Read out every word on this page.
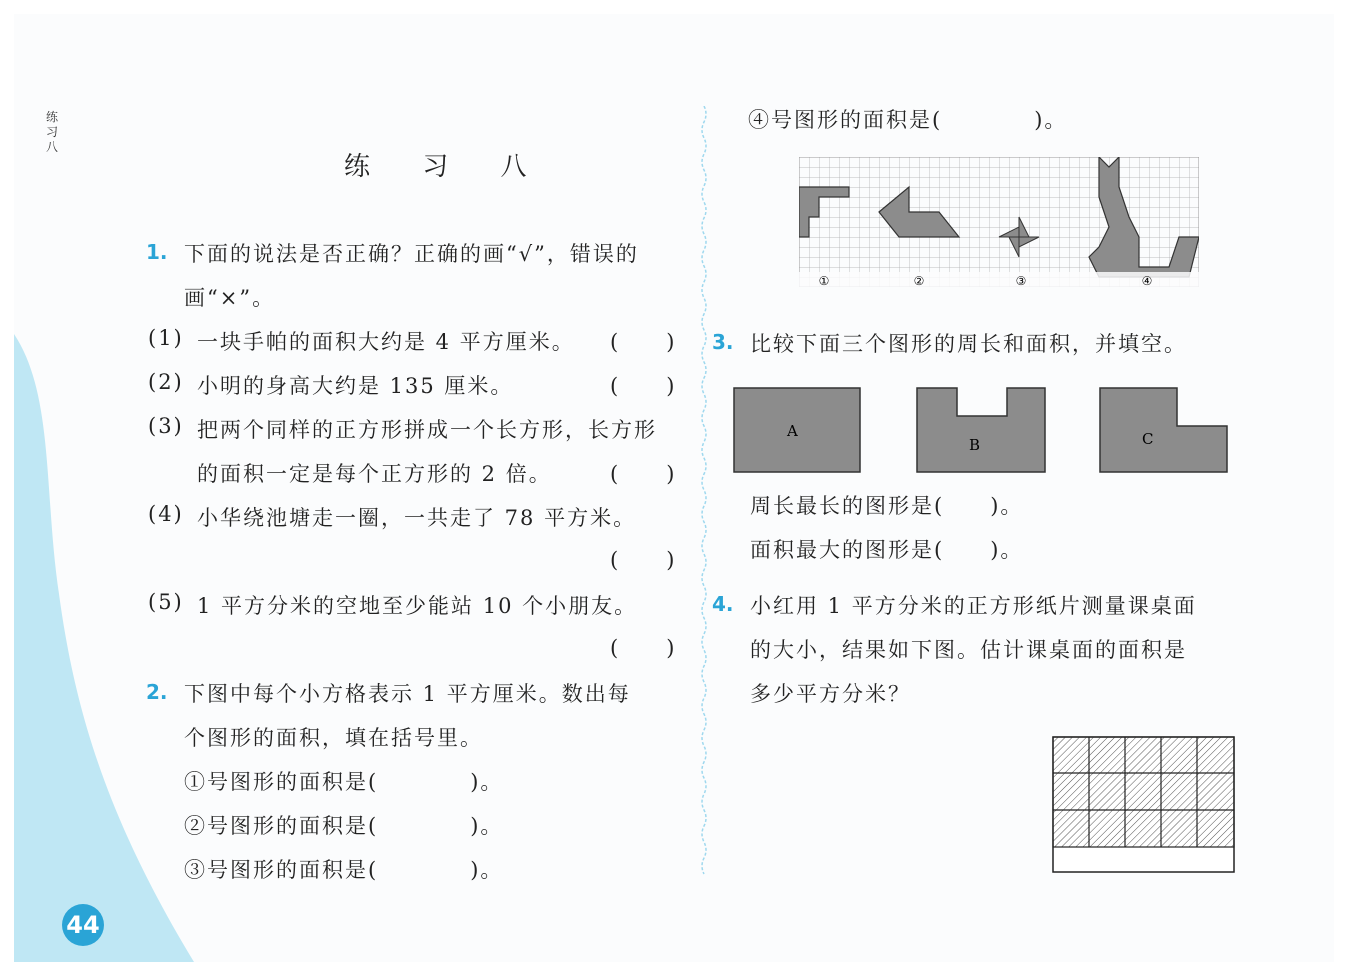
练习八
练 习 八
1. 下面的说法是否正确？正确的画“√”，错误的
画“×”。
(1) 一块手帕的面积大约是 4 平方厘米。 (　　)
(2) 小明的身高大约是 135 厘米。	(　　)
(3) 把两个同样的正方形拼成一个长方形，长方形
的面积一定是每个正方形的 2 倍。	(　　)
(4) 小华绕池塘走一圈，一共走了 78 平方米。
(　　)
(5) 1 平方分米的空地至少能站 10 个小朋友。
(　　)
2. 下图中每个小方格表示 1 平方厘米。数出每
个图形的面积，填在括号里。
①号图形的面积是(　　　　)。
②号图形的面积是(　　　　)。
③号图形的面积是(　　　　)。
④号图形的面积是(　　　　)。
①	②	③	④
3. 比较下面三个图形的周长和面积，并填空。
A
B	C
周长最长的图形是(　　)。
面积最大的图形是(　　)。
4. 小红用 1 平方分米的正方形纸片测量课桌面
的大小，结果如下图。估计课桌面的面积是
多少平方分米？
44
